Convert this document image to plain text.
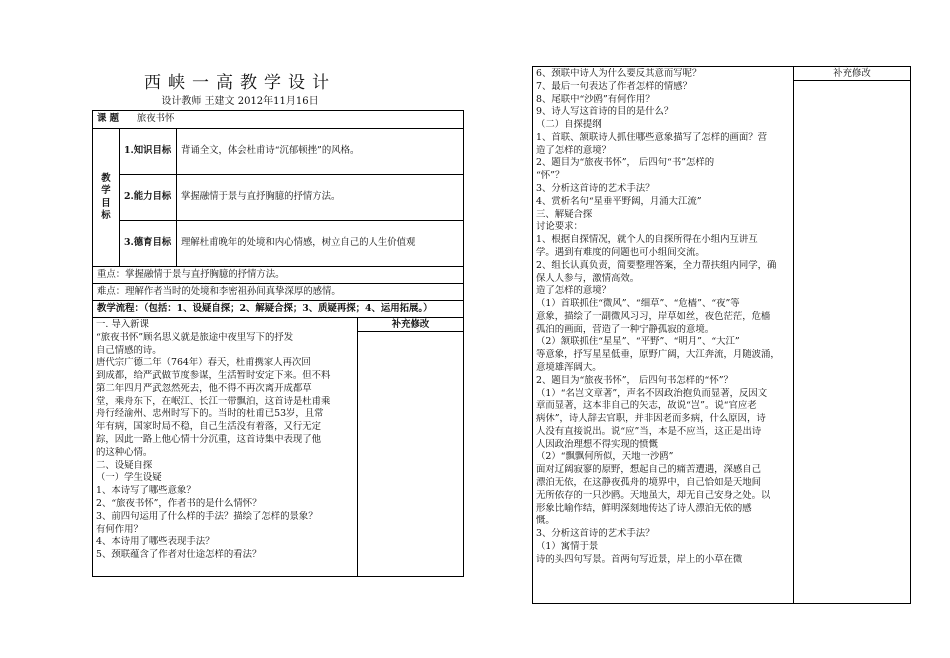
西峡一高教学设计
设计教师 王建文 2012年11月16日
课 题 旅夜书怀
教学目标	1.知识目标	背诵全文，体会杜甫诗“沉郁顿挫”的风格。
2.能力目标	掌握融情于景与直抒胸臆的抒情方法。
3.德育目标	理解杜甫晚年的处境和内心情感，树立自己的人生价值观
重点：掌握融情于景与直抒胸臆的抒情方法。
难点：理解作者当时的处境和李密祖孙间真挚深厚的感情。
教学流程：（包括：1、设疑自探；2、解疑合探；3、质疑再探；4、运用拓展。）

一. 导入新课
“旅夜书怀”顾名思义就是旅途中夜里写下的抒发
自己情感的诗。
唐代宗广德二年（764年）春天，杜甫携家人再次回
到成都，给严武做节度参谋，生活暂时安定下来。但不料
第二年四月严武忽然死去，他不得不再次离开成都草
堂，乘舟东下，在岷江、长江一带飘泊，这首诗是杜甫乘
舟行经渝州、忠州时写下的。当时的杜甫已53岁，且常
年有病，国家时局不稳，自己生活没有着落，又行无定
踪，因此一路上他心情十分沉重，这首诗集中表现了他
的这种心情。
二、设疑自探
（一）学生设疑
1、本诗写了哪些意象？
2、“旅夜书怀”，作者书的是什么情怀？
3、前四句运用了什么样的手法？描绘了怎样的景象？
有何作用？
4、本诗用了哪些表现手法？
5、颈联蕴含了作者对仕途怎样的看法？

补充修改
6、颈联中诗人为什么要反其意而写呢？
7、最后一句表达了作者怎样的情感？
8、尾联中“沙鸥”有何作用？
9、诗人写这首诗的目的是什么？
（二）自探提纲
1、首联、颔联诗人抓住哪些意象描写了怎样的画面？营
造了怎样的意境？
2、题目为“旅夜书怀”， 后四句“书”怎样的
“怀”？
3、分析这首诗的艺术手法？
4、赏析名句“星垂平野阔，月涌大江流”
三、解疑合探
讨论要求：
1、根据自探情况，就个人的自探所得在小组内互讲互
学。遇到有难度的问题也可小组间交流。
2、组长认真负责，简要整理答案，全力帮扶组内同学，确
保人人参与，激情高效。
造了怎样的意境？
（1）首联抓住“微风”、“细草”、“危樯”、“夜”等
意象，描绘了一副微风习习，岸草如丝，夜色茫茫，危樯
孤泊的画面，营造了一种宁静孤寂的意境。
（2）颔联抓住“星星”、“平野”、“明月”、“大江”
等意象，抒写星星低垂，原野广阔，大江奔流，月随波涌，
意境雄浑阔大。
2、题目为“旅夜书怀”， 后四句书怎样的“怀”？
（1）“名岂文章著”，声名不因政治抱负而显著，反因文
章而显著，这本非自己的矢志，故说“岂”。说“官应老
病休”，诗人辞去官职，并非因老而多病，什么原因，诗
人没有直接说出。说“应”当，本是不应当，这正是出诗
人因政治理想不得实现的愤慨
（2）“飘飘何所似，天地一沙鸥”
面对辽阔寂寥的原野，想起自己的痛苦遭遇，深感自己
漂泊无依，在这静夜孤舟的境界中，自己恰如是天地间
无所依存的一只沙鸥。天地虽大，却无自己安身之处。以
形象比喻作结，鲜明深刻地传达了诗人漂泊无依的感
慨。
3、分析这首诗的艺术手法？
（1）寓情于景
诗的头四句写景。首两句写近景，岸上的小草在微

补充修改
